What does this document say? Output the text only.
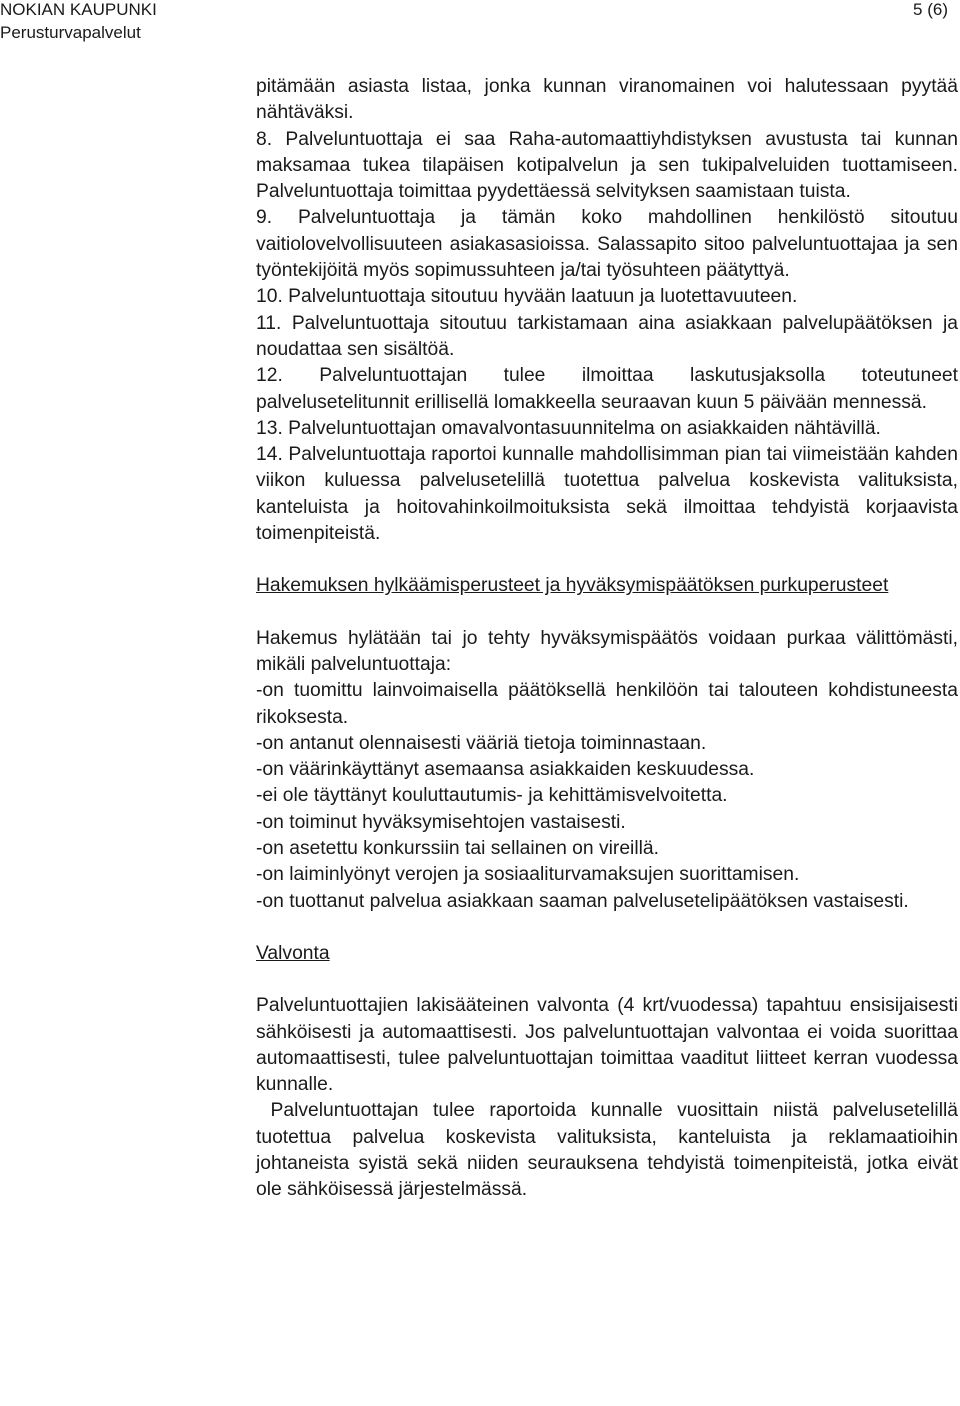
NOKIAN KAUPUNKI
Perusturvapalvelut
5 (6)

pitämään asiasta listaa, jonka kunnan viranomainen voi halutessaan pyytää nähtäväksi.

8. Palveluntuottaja ei saa Raha-automaattiyhdistyksen avustusta tai kunnan maksamaa tukea tilapäisen kotipalvelun ja sen tukipalveluiden tuottamiseen. Palveluntuottaja toimittaa pyydettäessä selvityksen saamistaan tuista.

9. Palveluntuottaja ja tämän koko mahdollinen henkilöstö sitoutuu vaitiolovelvollisuuteen asiakasasioissa. Salassapito sitoo palveluntuottajaa ja sen työntekijöitä myös sopimussuhteen ja/tai työsuhteen päätyttyä.

10. Palveluntuottaja sitoutuu hyvään laatuun ja luotettavuuteen.

11. Palveluntuottaja sitoutuu tarkistamaan aina asiakkaan palvelupäätöksen ja noudattaa sen sisältöä.

12. Palveluntuottajan tulee ilmoittaa laskutusjaksolla toteutuneet palvelusetelitunnit erillisellä lomakkeella seuraavan kuun 5 päivään mennessä.

13. Palveluntuottajan omavalvontasuunnitelma on asiakkaiden nähtävillä.

14. Palveluntuottaja raportoi kunnalle mahdollisimman pian tai viimeistään kahden viikon kuluessa palvelusetelillä tuotettua palvelua koskevista valituksista, kanteluista ja hoitovahinkoilmoituksista sekä ilmoittaa tehdyistä korjaavista toimenpiteistä.

Hakemuksen hylkäämisperusteet ja hyväksymispäätöksen purkuperusteet

Hakemus hylätään tai jo tehty hyväksymispäätös voidaan purkaa välittömästi, mikäli palveluntuottaja:

-on tuomittu lainvoimaisella päätöksellä henkilöön tai talouteen kohdistuneesta rikoksesta.

-on antanut olennaisesti vääriä tietoja toiminnastaan.

-on väärinkäyttänyt asemaansa asiakkaiden keskuudessa.

-ei ole täyttänyt kouluttautumis- ja kehittämisvelvoitetta.

-on toiminut hyväksymisehtojen vastaisesti.

-on asetettu konkurssiin tai sellainen on vireillä.

-on laiminlyönyt verojen ja sosiaaliturvamaksujen suorittamisen.

-on tuottanut palvelua asiakkaan saaman palvelusetelipäätöksen vastaisesti.

Valvonta

Palveluntuottajien lakisääteinen valvonta (4 krt/vuodessa) tapahtuu ensisijaisesti sähköisesti ja automaattisesti. Jos palveluntuottajan valvontaa ei voida suorittaa automaattisesti, tulee palveluntuottajan toimittaa vaaditut liitteet kerran vuodessa kunnalle.

Palveluntuottajan tulee raportoida kunnalle vuosittain niistä palvelusetelillä tuotettua palvelua koskevista valituksista, kanteluista ja reklamaatioihin johtaneista syistä sekä niiden seurauksena tehdyistä toimenpiteistä, jotka eivät ole sähköisessä järjestelmässä.
